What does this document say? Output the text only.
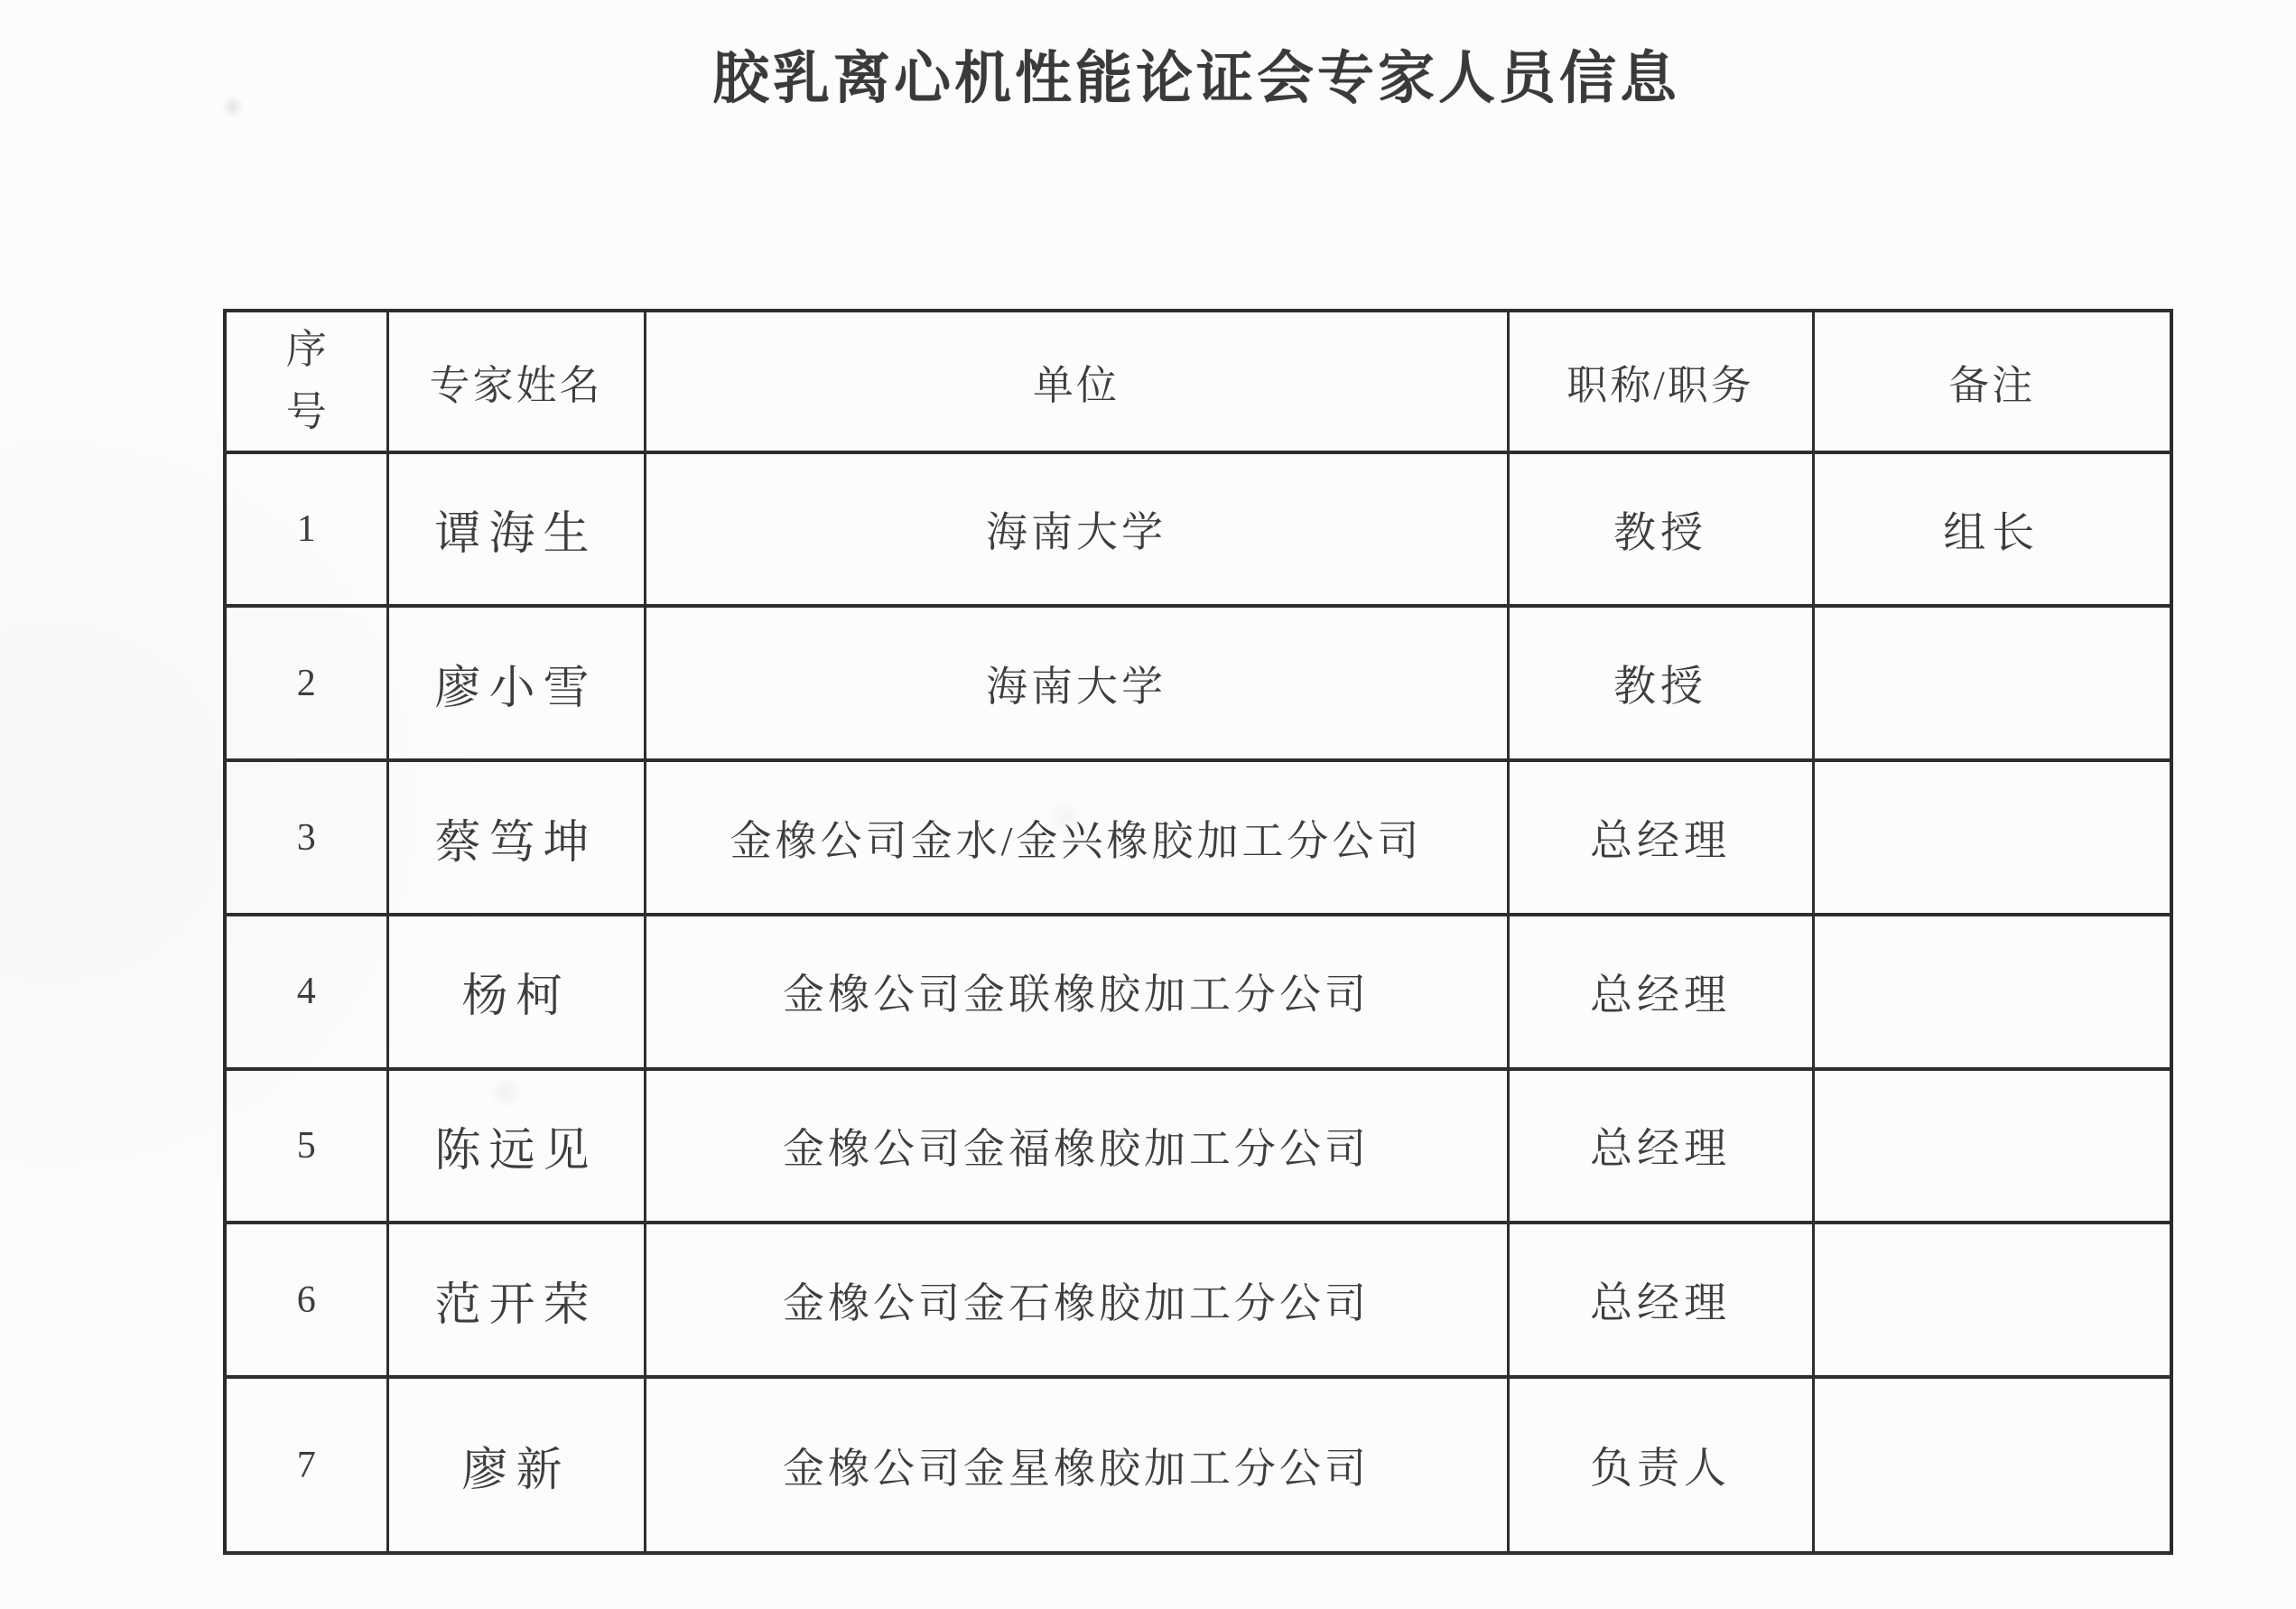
胶乳离心机性能论证会专家人员信息
序号	专家姓名	单位	职称/职务	备注
1	谭海生	海南大学	教授	组长
2	廖小雪	海南大学	教授	
3	蔡笃坤	金橡公司金水/金兴橡胶加工分公司	总经理	
4	杨柯	金橡公司金联橡胶加工分公司	总经理	
5	陈远见	金橡公司金福橡胶加工分公司	总经理	
6	范开荣	金橡公司金石橡胶加工分公司	总经理	
7	廖新	金橡公司金星橡胶加工分公司	负责人	
